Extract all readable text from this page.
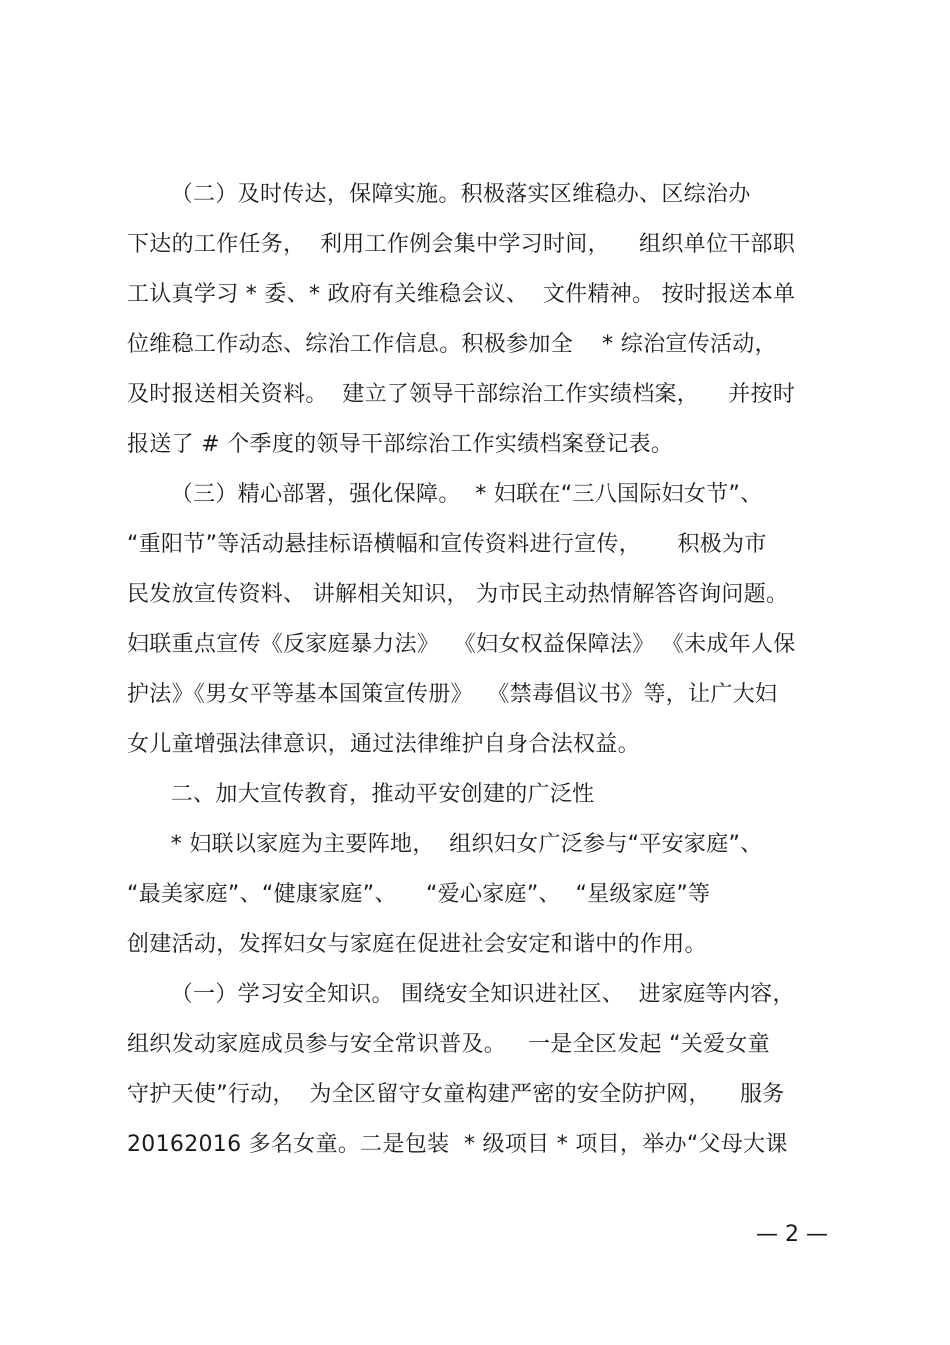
（二）及时传达，保障实施。积极落实区维稳办、区综治办
下达的工作任务，  利用工作例会集中学习时间，    组织单位干部职
工认真学习 * 委、* 政府有关维稳会议、  文件精神。 按时报送本单
位维稳工作动态、综治工作信息。积极参加全    * 综治宣传活动，
及时报送相关资料。  建立了领导干部综治工作实绩档案，    并按时
报送了 # 个季度的领导干部综治工作实绩档案登记表。
（三）精心部署，强化保障。  * 妇联在“三八国际妇女节”、
“重阳节”等活动悬挂标语横幅和宣传资料进行宣传，     积极为市
民发放宣传资料、 讲解相关知识， 为市民主动热情解答咨询问题。
妇联重点宣传《反家庭暴力法》  《妇女权益保障法》 《未成年人保
护法》《男女平等基本国策宣传册》  《禁毒倡议书》等，让广大妇
女儿童增强法律意识，通过法律维护自身合法权益。
二、加大宣传教育，推动平安创建的广泛性
* 妇联以家庭为主要阵地，  组织妇女广泛参与“平安家庭”、
“最美家庭”、“健康家庭”、    “爱心家庭”、  “星级家庭”等
创建活动，发挥妇女与家庭在促进社会安定和谐中的作用。
（一）学习安全知识。 围绕安全知识进社区、  进家庭等内容，
组织发动家庭成员参与安全常识普及。   一是全区发起 “关爱女童
守护天使”行动，  为全区留守女童构建严密的安全防护网，    服务
20162016 多名女童。二是包装  * 级项目 * 项目，举办“父母大课
— 2 —
